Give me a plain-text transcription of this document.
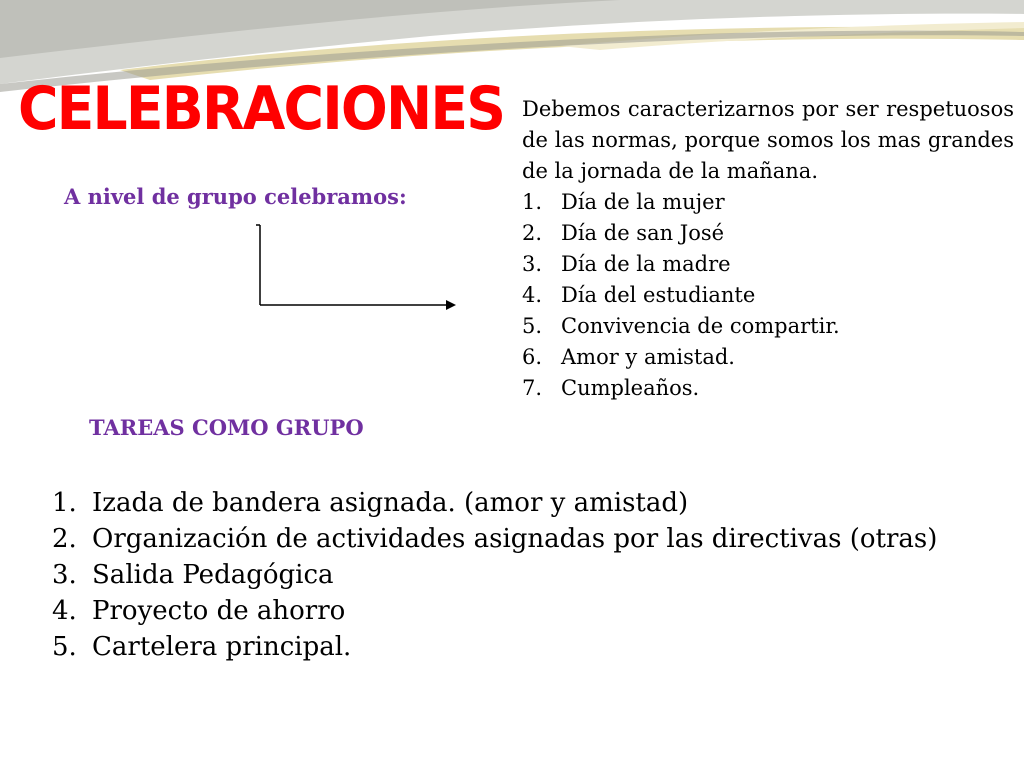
CELEBRACIONES
A nivel de grupo celebramos:
Debemos caracterizarnos por ser respetuosos de las normas, porque somos los mas grandes de la jornada de la mañana.
1. Día de la mujer
2. Día de san José
3. Día de la madre
4. Día del estudiante
5. Convivencia de compartir.
6. Amor y amistad.
7. Cumpleaños.
TAREAS COMO GRUPO
1. Izada de bandera asignada. (amor y amistad)
2. Organización de actividades asignadas por las directivas (otras)
3. Salida Pedagógica
4. Proyecto de ahorro
5. Cartelera principal.
